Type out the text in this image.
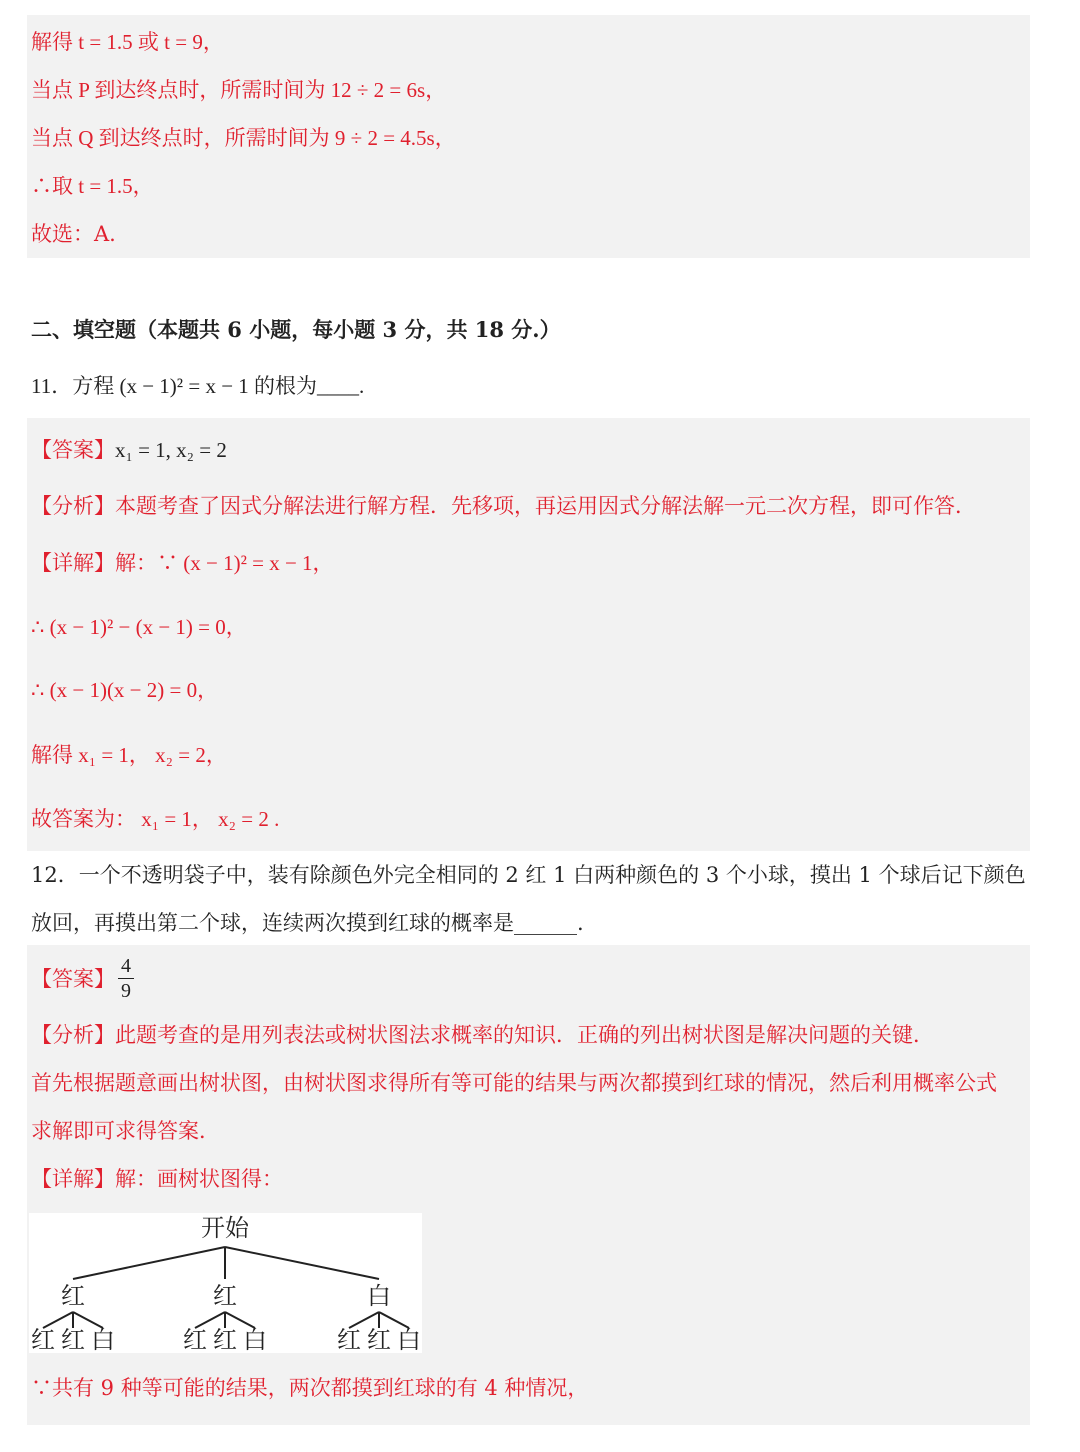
解得 t = 1.5 或 t = 9，
当点 P 到达终点时，所需时间为 12 ÷ 2 = 6s，
当点 Q 到达终点时，所需时间为 9 ÷ 2 = 4.5s，
∴取 t = 1.5，
故选：A.
二、填空题（本题共 6 小题，每小题 3 分，共 18 分.）
11．方程 (x − 1)² = x − 1 的根为____.
【答案】x₁ = 1, x₂ = 2
【分析】本题考查了因式分解法进行解方程．先移项，再运用因式分解法解一元二次方程，即可作答．
【详解】解：∵ (x − 1)² = x − 1，
∴ (x − 1)² − (x − 1) = 0，
∴ (x − 1)(x − 2) = 0，
解得 x₁ = 1， x₂ = 2，
故答案为： x₁ = 1， x₂ = 2 .
12．一个不透明袋子中，装有除颜色外完全相同的 2 红 1 白两种颜色的 3 个小球，摸出 1 个球后记下颜色
放回，再摸出第二个球，连续两次摸到红球的概率是______.
【答案】
4
9
【分析】此题考查的是用列表法或树状图法求概率的知识．正确的列出树状图是解决问题的关键．
首先根据题意画出树状图，由树状图求得所有等可能的结果与两次都摸到红球的情况，然后利用概率公式
求解即可求得答案．
【详解】解：画树状图得：
开始
红	红	白
红 红 白	红 红 白	红 红 白
∵共有 9 种等可能的结果，两次都摸到红球的有 4 种情况，
